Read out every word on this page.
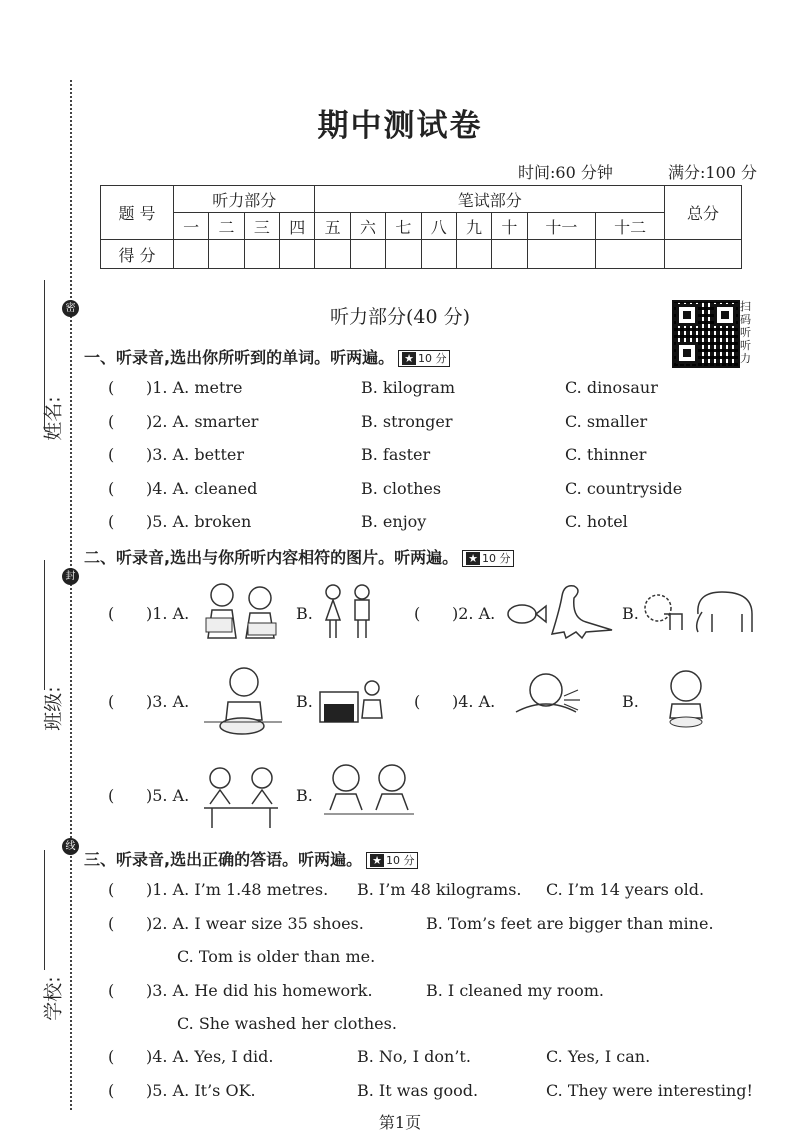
密
封
线
姓名:
班级:
学校:
期中测试卷
时间:60 分钟	满分:100 分
题 号	听力部分				笔试部分								总分
	一	二	三	四	五	六	七	八	九	十	十一	十二	
得 分													
听力部分(40 分)	扫码听听力
一、听录音,选出你所听到的单词。听两遍。 ★ 10 分
( )1. A. metre	B. kilogram	C. dinosaur
( )2. A. smarter	B. stronger	C. smaller
( )3. A. better	B. faster	C. thinner
( )4. A. cleaned	B. clothes	C. countryside
( )5. A. broken	B. enjoy	C. hotel
二、听录音,选出与你所听内容相符的图片。听两遍。 ★ 10 分
( )1. A.	B.	( )2. A.	B.
( )3. A.	B.	( )4. A.	B.
( )5. A.	B.
三、听录音,选出正确的答语。听两遍。 ★ 10 分
( )1. A. I’m 1.48 metres. B. I’m 48 kilograms. C. I’m 14 years old.
( )2. A. I wear size 35 shoes.	B. Tom’s feet are bigger than mine.
C. Tom is older than me.
( )3. A. He did his homework.	B. I cleaned my room.
C. She washed her clothes.
( )4. A. Yes, I did.	B. No, I don’t.	C. Yes, I can.
( )5. A. It’s OK.	B. It was good.	C. They were interesting!
第1页
